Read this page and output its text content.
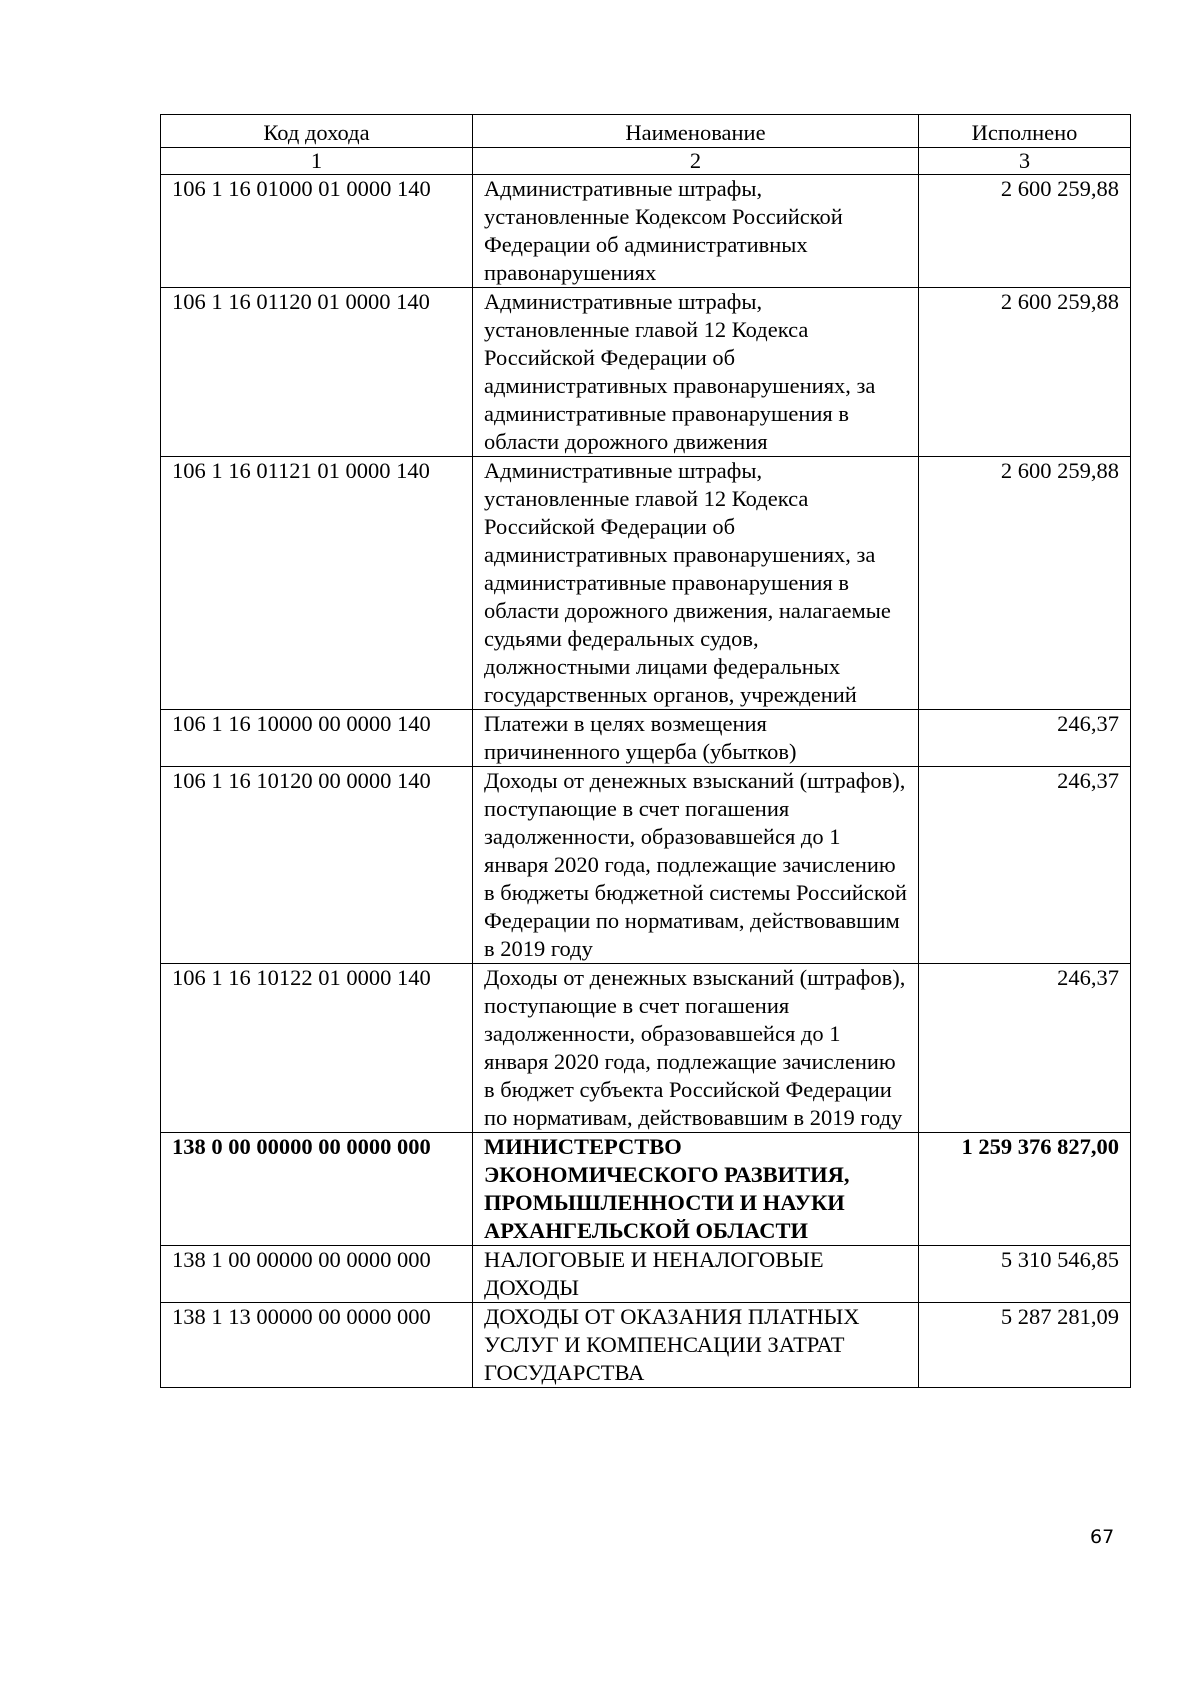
Код дохода	Наименование	Исполнено
1	2	3
106 1 16 01000 01 0000 140	Административные штрафы, установленные Кодексом Российской Федерации об административных правонарушениях	2 600 259,88
106 1 16 01120 01 0000 140	Административные штрафы, установленные главой 12 Кодекса Российской Федерации об административных правонарушениях, за административные правонарушения в области дорожного движения	2 600 259,88
106 1 16 01121 01 0000 140	Административные штрафы, установленные главой 12 Кодекса Российской Федерации об административных правонарушениях, за административные правонарушения в области дорожного движения, налагаемые судьями федеральных судов, должностными лицами федеральных государственных органов, учреждений	2 600 259,88
106 1 16 10000 00 0000 140	Платежи в целях возмещения причиненного ущерба (убытков)	246,37
106 1 16 10120 00 0000 140	Доходы от денежных взысканий (штрафов), поступающие в счет погашения задолженности, образовавшейся до 1 января 2020 года, подлежащие зачислению в бюджеты бюджетной системы Российской Федерации по нормативам, действовавшим в 2019 году	246,37
106 1 16 10122 01 0000 140	Доходы от денежных взысканий (штрафов), поступающие в счет погашения задолженности, образовавшейся до 1 января 2020 года, подлежащие зачислению в бюджет субъекта Российской Федерации по нормативам, действовавшим в 2019 году	246,37
138 0 00 00000 00 0000 000	МИНИСТЕРСТВО ЭКОНОМИЧЕСКОГО РАЗВИТИЯ, ПРОМЫШЛЕННОСТИ И НАУКИ АРХАНГЕЛЬСКОЙ ОБЛАСТИ	1 259 376 827,00
138 1 00 00000 00 0000 000	НАЛОГОВЫЕ И НЕНАЛОГОВЫЕ ДОХОДЫ	5 310 546,85
138 1 13 00000 00 0000 000	ДОХОДЫ ОТ ОКАЗАНИЯ ПЛАТНЫХ УСЛУГ И КОМПЕНСАЦИИ ЗАТРАТ ГОСУДАРСТВА	5 287 281,09
67
